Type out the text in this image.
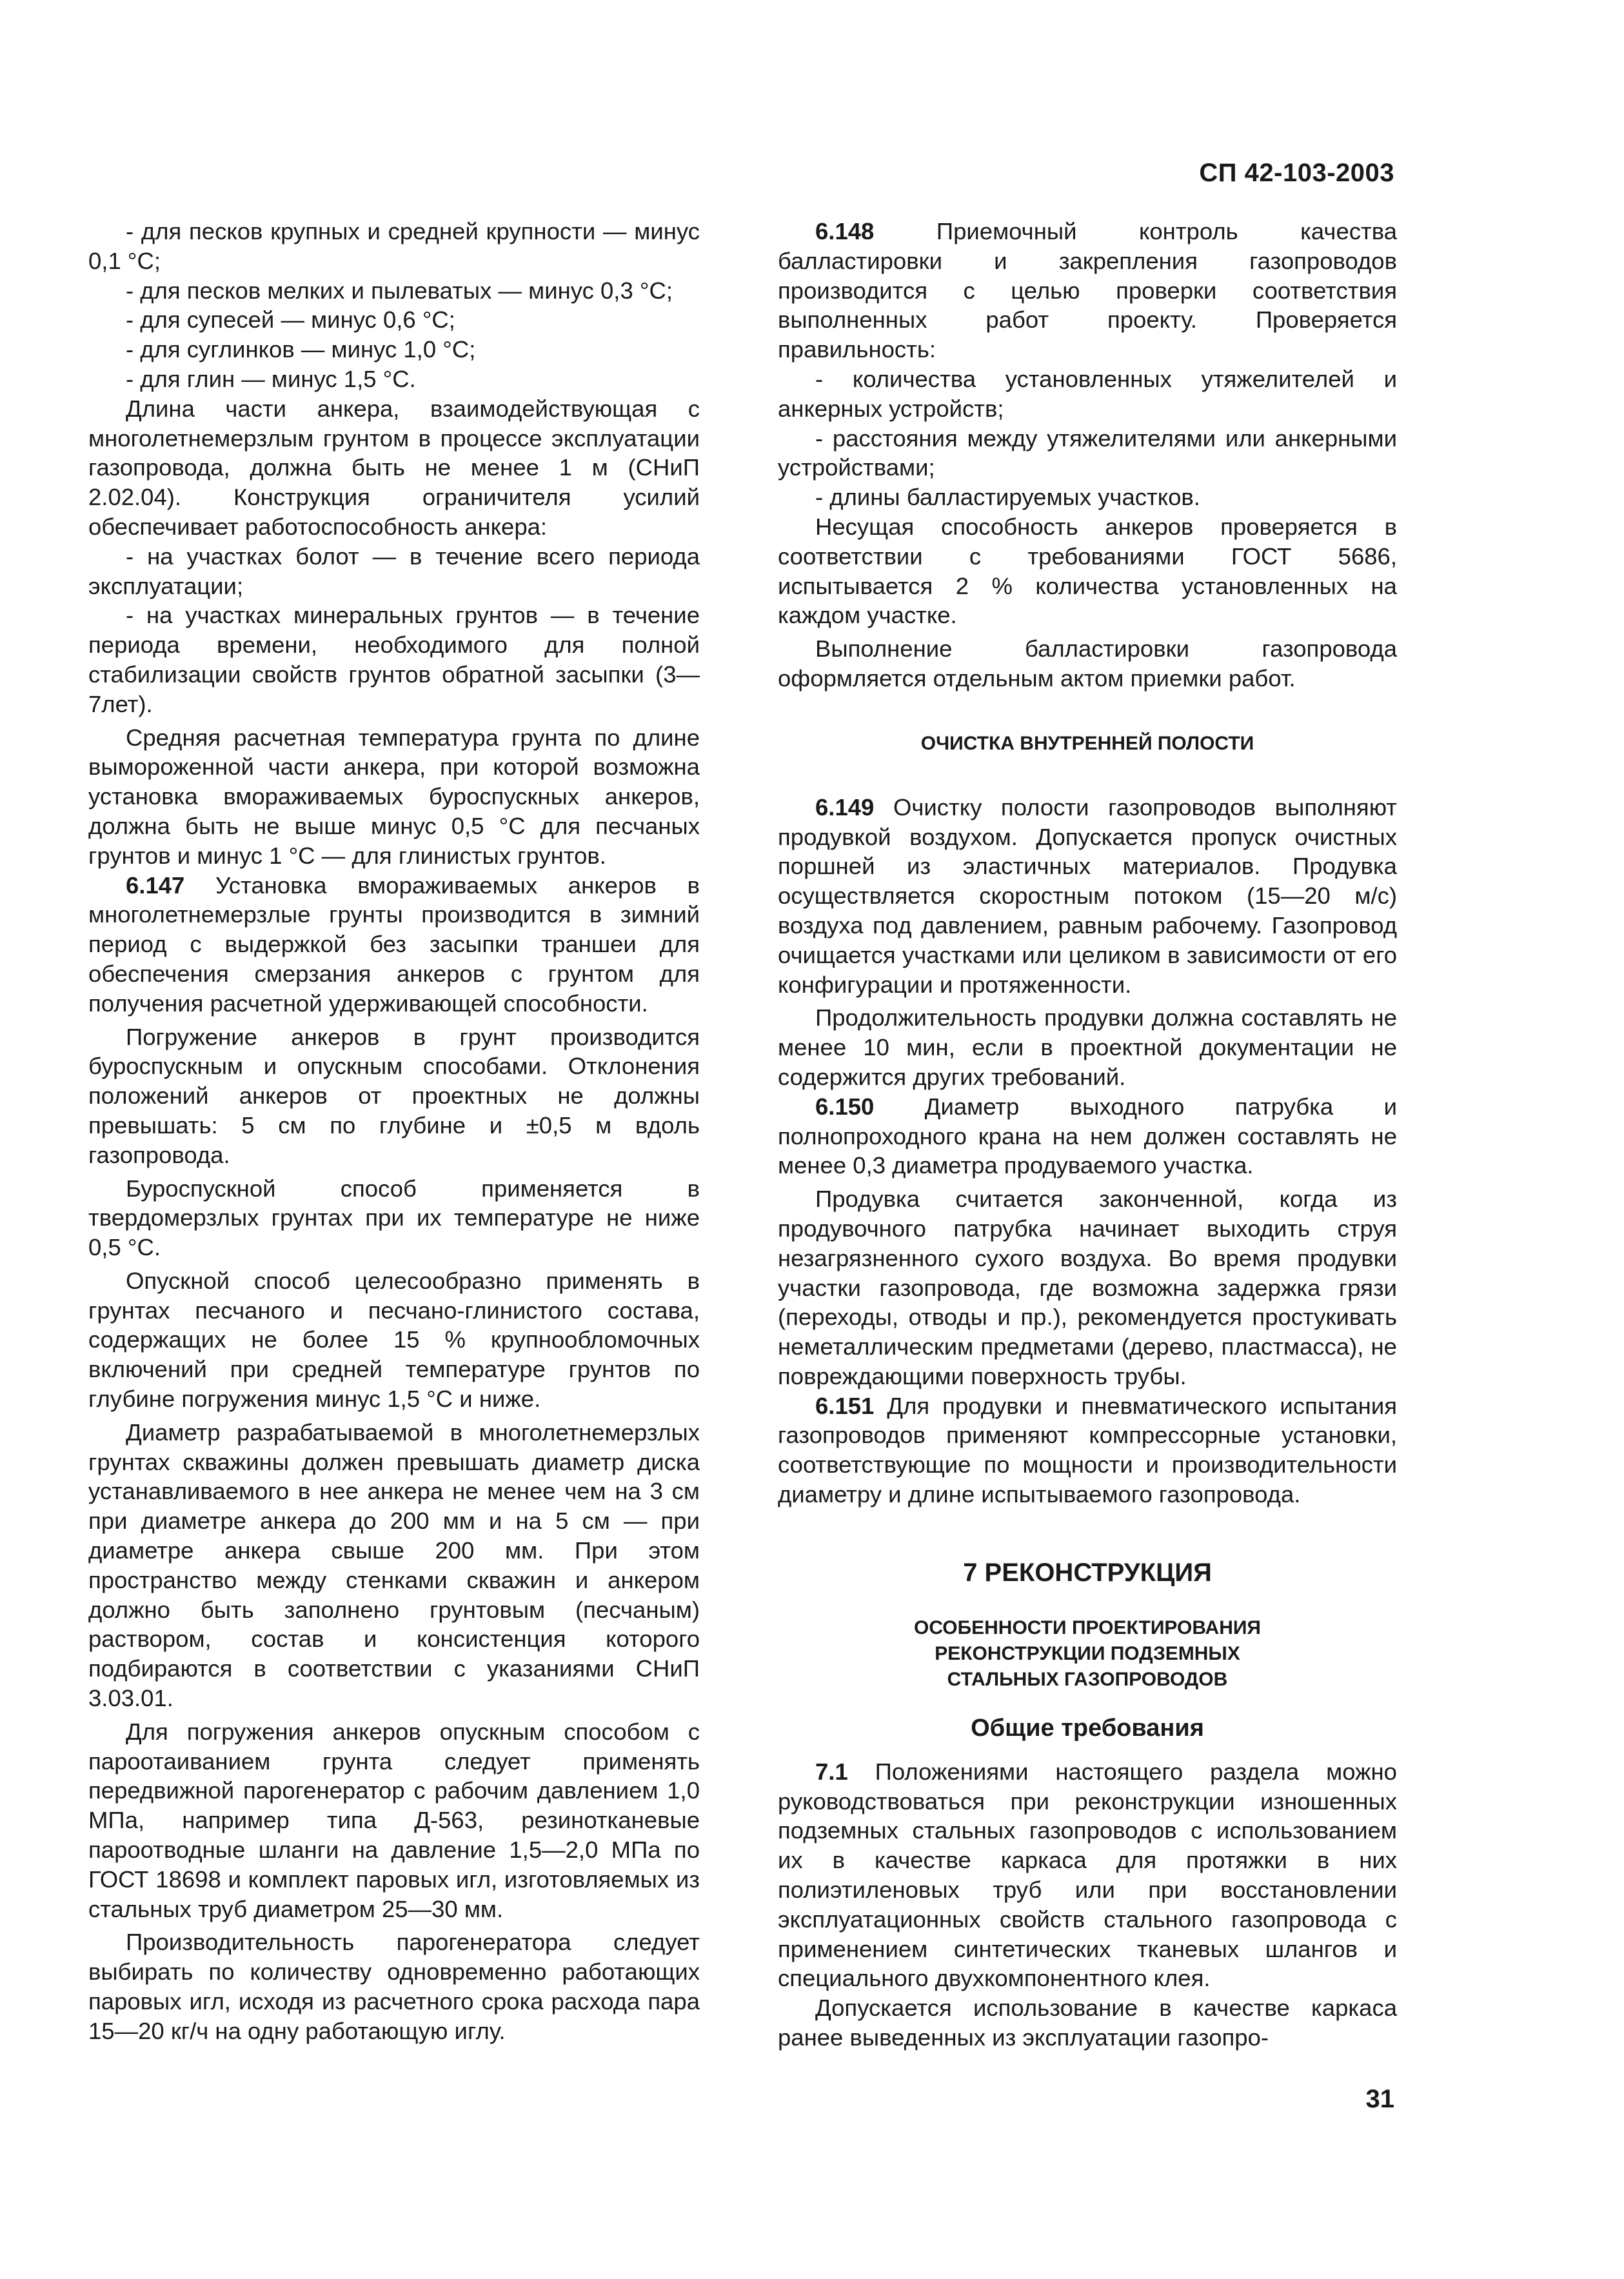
СП 42-103-2003

- для песков крупных и средней крупности — минус 0,1 °С;

- для песков мелких и пылеватых — минус 0,3 °С;

- для супесей — минус 0,6 °С;

- для суглинков — минус 1,0 °С;

- для глин — минус 1,5 °С.

Длина части анкера, взаимодействующая с многолетнемерзлым грунтом в процессе эксплуатации газопровода, должна быть не менее 1 м (СНиП 2.02.04). Конструкция ограничителя усилий обеспечивает работоспособность анкера:

- на участках болот — в течение всего периода эксплуатации;

- на участках минеральных грунтов — в течение периода времени, необходимого для полной стабилизации свойств грунтов обратной засыпки (3—7лет).

Средняя расчетная температура грунта по длине вымороженной части анкера, при которой возможна установка вмораживаемых буроспускных анкеров, должна быть не выше минус 0,5 °С для песчаных грунтов и минус 1 °С — для глинистых грунтов.

6.147 Установка вмораживаемых анкеров в многолетнемерзлые грунты производится в зимний период с выдержкой без засыпки траншеи для обеспечения смерзания анкеров с грунтом для получения расчетной удерживающей способности.

Погружение анкеров в грунт производится буроспускным и опускным способами. Отклонения положений анкеров от проектных не должны превышать: 5 см по глубине и ±0,5 м вдоль газопровода.

Буроспускной способ применяется в твердомерзлых грунтах при их температуре не ниже 0,5 °С.

Опускной способ целесообразно применять в грунтах песчаного и песчано-глинистого состава, содержащих не более 15 % крупнообломочных включений при средней температуре грунтов по глубине погружения минус 1,5 °С и ниже.

Диаметр разрабатываемой в многолетнемерзлых грунтах скважины должен превышать диаметр диска устанавливаемого в нее анкера не менее чем на 3 см при диаметре анкера до 200 мм и на 5 см — при диаметре анкера свыше 200 мм. При этом пространство между стенками скважин и анкером должно быть заполнено грунтовым (песчаным) раствором, состав и консистенция которого подбираются в соответствии с указаниями СНиП 3.03.01.

Для погружения анкеров опускным способом с пароотаиванием грунта следует применять передвижной парогенератор с рабочим давлением 1,0 МПа, например типа Д-563, резинотканевые пароотводные шланги на давление 1,5—2,0 МПа по ГОСТ 18698 и комплект паровых игл, изготовляемых из стальных труб диаметром 25—30 мм.

Производительность парогенератора следует выбирать по количеству одновременно работающих паровых игл, исходя из расчетного срока расхода пара 15—20 кг/ч на одну работающую иглу.

6.148 Приемочный контроль качества балластировки и закрепления газопроводов производится с целью проверки соответствия выполненных работ проекту. Проверяется правильность:

- количества установленных утяжелителей и анкерных устройств;

- расстояния между утяжелителями или анкерными устройствами;

- длины балластируемых участков.

Несущая способность анкеров проверяется в соответствии с требованиями ГОСТ 5686, испытывается 2 % количества установленных на каждом участке.

Выполнение балластировки газопровода оформляется отдельным актом приемки работ.

ОЧИСТКА ВНУТРЕННЕЙ ПОЛОСТИ

6.149 Очистку полости газопроводов выполняют продувкой воздухом. Допускается пропуск очистных поршней из эластичных материалов. Продувка осуществляется скоростным потоком (15—20 м/с) воздуха под давлением, равным рабочему. Газопровод очищается участками или целиком в зависимости от его конфигурации и протяженности.

Продолжительность продувки должна составлять не менее 10 мин, если в проектной документации не содержится других требований.

6.150 Диаметр выходного патрубка и полнопроходного крана на нем должен составлять не менее 0,3 диаметра продуваемого участка.

Продувка считается законченной, когда из продувочного патрубка начинает выходить струя незагрязненного сухого воздуха. Во время продувки участки газопровода, где возможна задержка грязи (переходы, отводы и пр.), рекомендуется простукивать неметаллическим предметами (дерево, пластмасса), не повреждающими поверхность трубы.

6.151 Для продувки и пневматического испытания газопроводов применяют компрессорные установки, соответствующие по мощности и производительности диаметру и длине испытываемого газопровода.

7 РЕКОНСТРУКЦИЯ

ОСОБЕННОСТИ ПРОЕКТИРОВАНИЯ

РЕКОНСТРУКЦИИ ПОДЗЕМНЫХ

СТАЛЬНЫХ ГАЗОПРОВОДОВ

Общие требования

7.1 Положениями настоящего раздела можно руководствоваться при реконструкции изношенных подземных стальных газопроводов с использованием их в качестве каркаса для протяжки в них полиэтиленовых труб или при восстановлении эксплуатационных свойств стального газопровода с применением синтетических тканевых шлангов и специального двухкомпонентного клея.

Допускается использование в качестве каркаса ранее выведенных из эксплуатации газопро-

31
